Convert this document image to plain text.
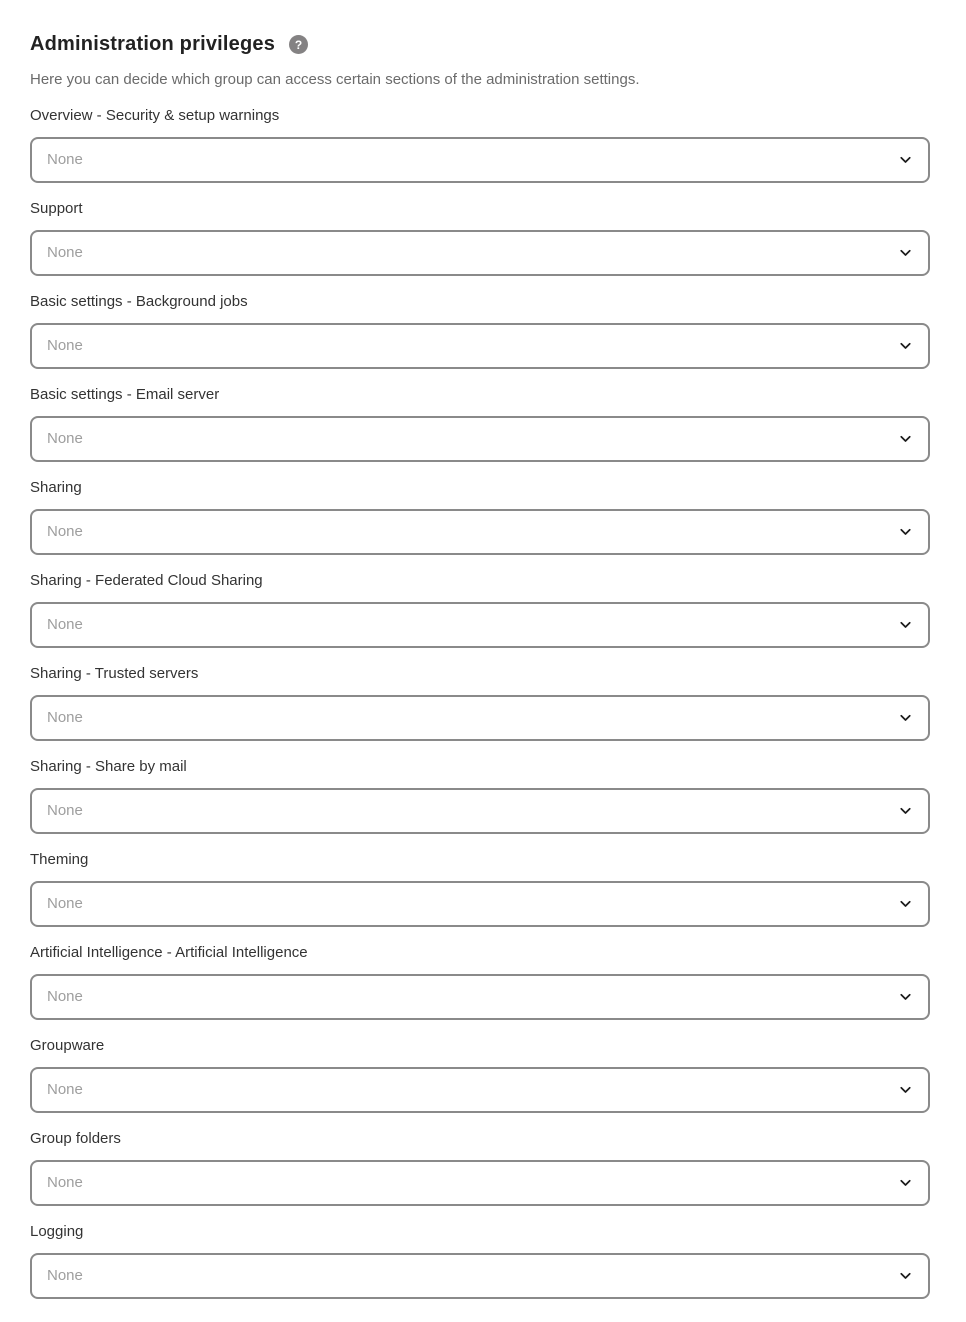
Administration privileges	?

Here you can decide which group can access certain sections of the administration settings.

Overview - Security & setup warnings
None
Support
None
Basic settings - Background jobs
None
Basic settings - Email server
None
Sharing
None
Sharing - Federated Cloud Sharing
None
Sharing - Trusted servers
None
Sharing - Share by mail
None
Theming
None
Artificial Intelligence - Artificial Intelligence
None
Groupware
None
Group folders
None
Logging
None
